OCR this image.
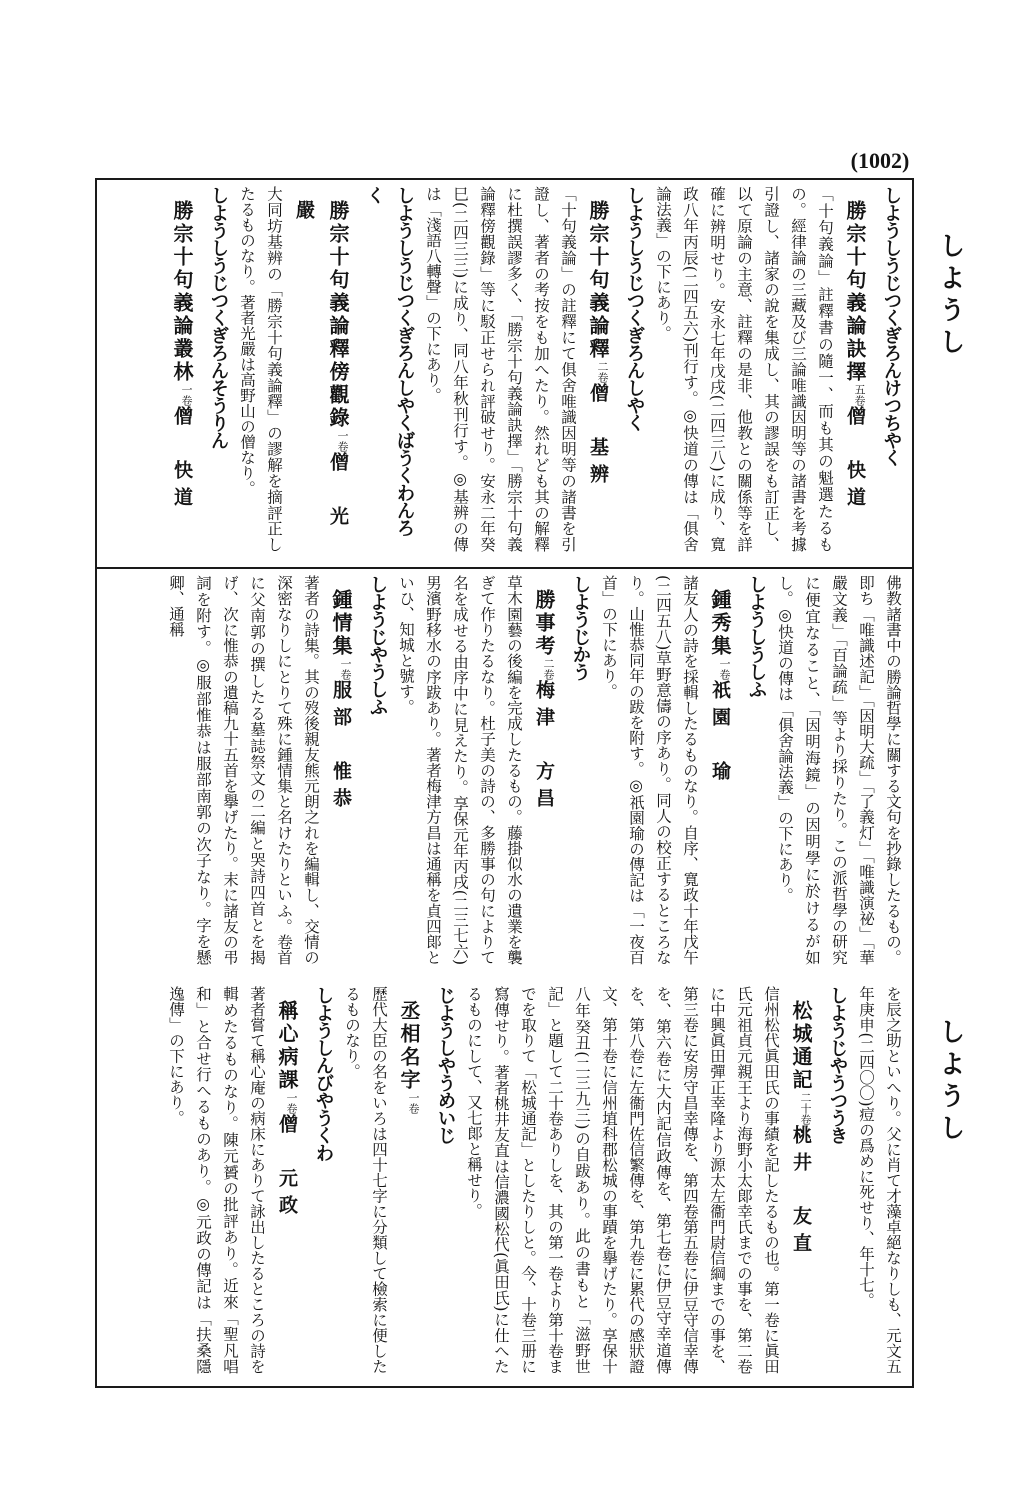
(1002)
しようし
しようし
しようしうじつくぎろんけつちやく
勝宗十句義論訣擇五卷僧　快道
「十句義論」註釋書の隨一、而も其の魁選たるもの。經律論の三藏及び三論唯識因明等の諸書を考據引證し、諸家の說を集成し、其の謬誤をも訂正し、以て原論の主意、註釋の是非、他教との關係等を詳確に辨明せり。安永七年戊戌(二四三八)に成り、寬政八年丙辰(二四五六)刊行す。◎快道の傳は「俱舍論法義」の下にあり。
しようしうじつくぎろんしやく
勝宗十句義論釋二卷僧　基辨
「十句義論」の註釋にて俱舍唯識因明等の諸書を引證し、著者の考按をも加へたり。然れども其の解釋に杜撰誤謬多く、「勝宗十句義論訣擇」「勝宗十句義論釋傍觀錄」等に駁正せられ評破せり。安永二年癸巳(二四三三)に成り、同八年秋刊行す。◎基辨の傳は「淺語八轉聲」の下にあり。
しようしうじつくぎろんしやくばうくわんろく
勝宗十句義論釋傍觀錄一卷僧　光嚴
大同坊基辨の「勝宗十句義論釋」の謬解を摘評正したるものなり。著者光嚴は高野山の僧なり。
しようしうじつくぎろんそうりん
勝宗十句義論叢林一卷僧　快道
佛教諸書中の勝論哲學に關する文句を抄錄したるもの。即ち「唯識述記」「因明大疏」「了義灯」「唯識演祕」「華嚴文義」「百論疏」等より採りたり。この派哲學の研究に便宜なること、「因明海鏡」の因明學に於けるが如し。◎快道の傳は「俱舍論法義」の下にあり。
しようしうしふ
鍾秀集一卷祇園　瑜
諸友人の詩を採輯したるものなり。自序、寬政十年戊午(二四五八)草野意儔の序あり。同人の校正するところなり。山惟恭同年の跋を附す。◎祇園瑜の傳記は「一夜百首」の下にあり。
しようじかう
勝事考二卷梅津　方昌
草木園藝の後編を完成したるもの。藤掛似水の遺業を襲ぎて作りたるなり。杜子美の詩の、多勝事の句によりて名を成せる由序中に見えたり。享保元年丙戌(二三七六)男濱野移水の序跋あり。著者梅津方昌は通稱を貞四郞といひ、知城と號す。
しようじやうしふ
鍾情集一卷服部　惟恭
著者の詩集。其の歿後親友熊元朗之れを編輯し、交情の深密なりしにとりて殊に鍾情集と名けたりといふ。卷首に父南郭の撰したる墓誌祭文の二編と哭詩四首とを揭げ、次に惟恭の遺稿九十五首を擧げたり。末に諸友の弔詞を附す。◎服部惟恭は服部南郭の次子なり。字を懸卿、通稱
を辰之助といへり。父に肖て才藻卓絕なりしも、元文五年庚申(二四〇〇)痘の爲めに死せり、年十七。
しようじやうつうき
松城通記二十卷桃井　友直
信州松代眞田氏の事績を記したるもの也。第一卷に眞田氏元祖貞元親王より海野小太郞幸氏までの事を、第二卷に中興眞田彈正幸隆より源太左衞門尉信綱までの事を、第三卷に安房守昌幸傳を、第四卷第五卷に伊豆守信幸傳を、第六卷に大内記信政傳を、第七卷に伊豆守幸道傳を、第八卷に左衞門佐信繁傳を、第九卷に累代の感狀證文、第十卷に信州埴科郡松城の事蹟を擧げたり。享保十八年癸丑(二三九三)の自跋あり。此の書もと「滋野世記」と題して二十卷ありしを、其の第一卷より第十卷までを取りて「松城通記」としたりしと。今、十卷三册に寫傳せり。著者桃井友直は信濃國松代(眞田氏)に仕へたるものにして、又七郞と稱せり。
じようしやうめいじ
丞相名字一卷
歷代大臣の名をいろは四十七字に分類して檢索に便したるものなり。
しようしんびやうくわ
稱心病課一卷僧　元政
著者嘗て稱心庵の病床にありて詠出したるところの詩を輯めたるものなり。陳元贇の批評あり。近來「聖凡唱和」と合せ行へるものあり。◎元政の傳記は「扶桑隱逸傳」の下にあり。
